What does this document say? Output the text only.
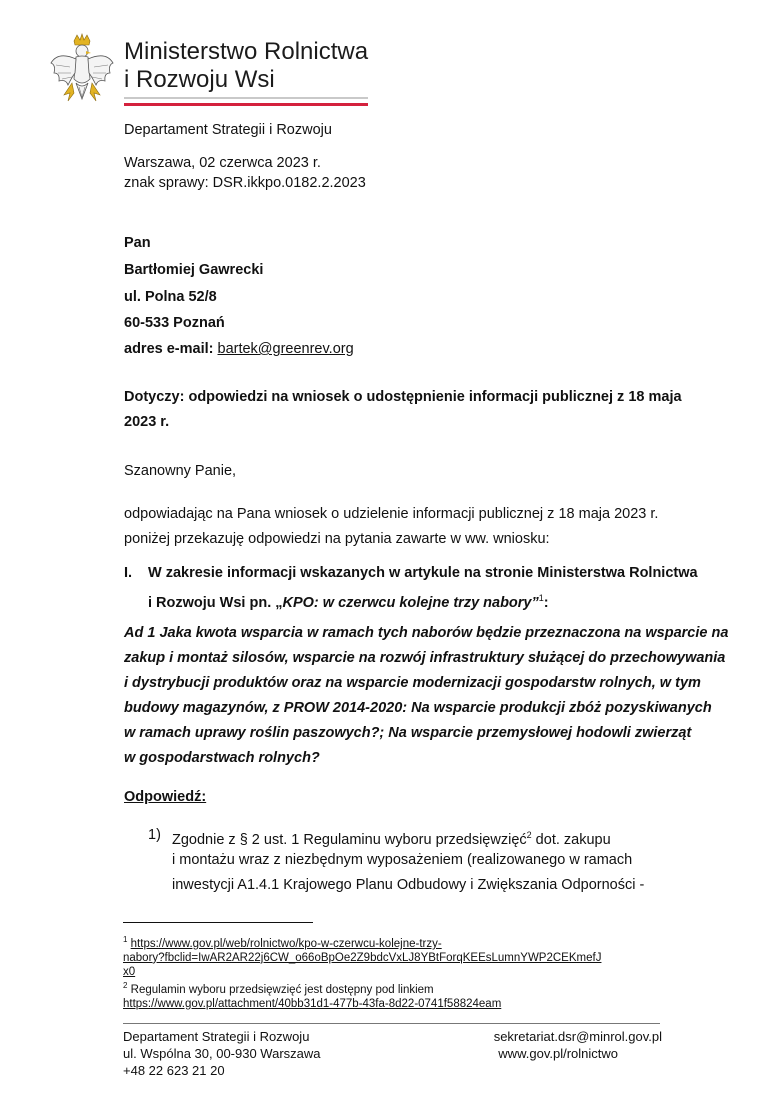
Ministerstwo Rolnictwa
i Rozwoju Wsi
Departament Strategii i Rozwoju
Warszawa, 02 czerwca 2023 r.
znak sprawy: DSR.ikkpo.0182.2.2023
Pan
Bartłomiej Gawrecki
ul. Polna 52/8
60-533 Poznań
adres e-mail: bartek@greenrev.org
Dotyczy: odpowiedzi na wniosek o udostępnienie informacji publicznej z 18 maja
2023 r.
Szanowny Panie,
odpowiadając na Pana wniosek o udzielenie informacji publicznej z 18 maja 2023 r.
poniżej przekazuję odpowiedzi na pytania zawarte w ww. wniosku:
I. W zakresie informacji wskazanych w artykule na stronie Ministerstwa Rolnictwa
i Rozwoju Wsi pn. „KPO: w czerwcu kolejne trzy nabory”$^1$:
Ad 1 Jaka kwota wsparcia w ramach tych naborów będzie przeznaczona na wsparcie na
zakup i montaż silosów, wsparcie na rozwój infrastruktury służącej do przechowywania
i dystrybucji produktów oraz na wsparcie modernizacji gospodarstw rolnych, w tym
budowy magazynów, z PROW 2014-2020: Na wsparcie produkcji zbóż pozyskiwanych
w ramach uprawy roślin paszowych?; Na wsparcie przemysłowej hodowli zwierząt
w gospodarstwach rolnych?
Odpowiedź:
1) Zgodnie z § 2 ust. 1 Regulaminu wyboru przedsięwzięć$^2$ dot. zakupu
i montażu wraz z niezbędnym wyposażeniem (realizowanego w ramach
inwestycji A1.4.1 Krajowego Planu Odbudowy i Zwiększania Odporności -
$^1$ https://www.gov.pl/web/rolnictwo/kpo-w-czerwcu-kolejne-trzy-
nabory?fbclid=IwAR2AR22j6CW_o66oBpOe2Z9bdcVxLJ8YBtForqKEEsLumnYWP2CEKmefJ
x0
$^2$ Regulamin wyboru przedsięwzięć jest dostępny pod linkiem
https://www.gov.pl/attachment/40bb31d1-477b-43fa-8d22-0741f58824eam
Departament Strategii i Rozwoju
ul. Wspólna 30, 00-930 Warszawa
+48 22 623 21 20
sekretariat.dsr@minrol.gov.pl
www.gov.pl/rolnictwo
